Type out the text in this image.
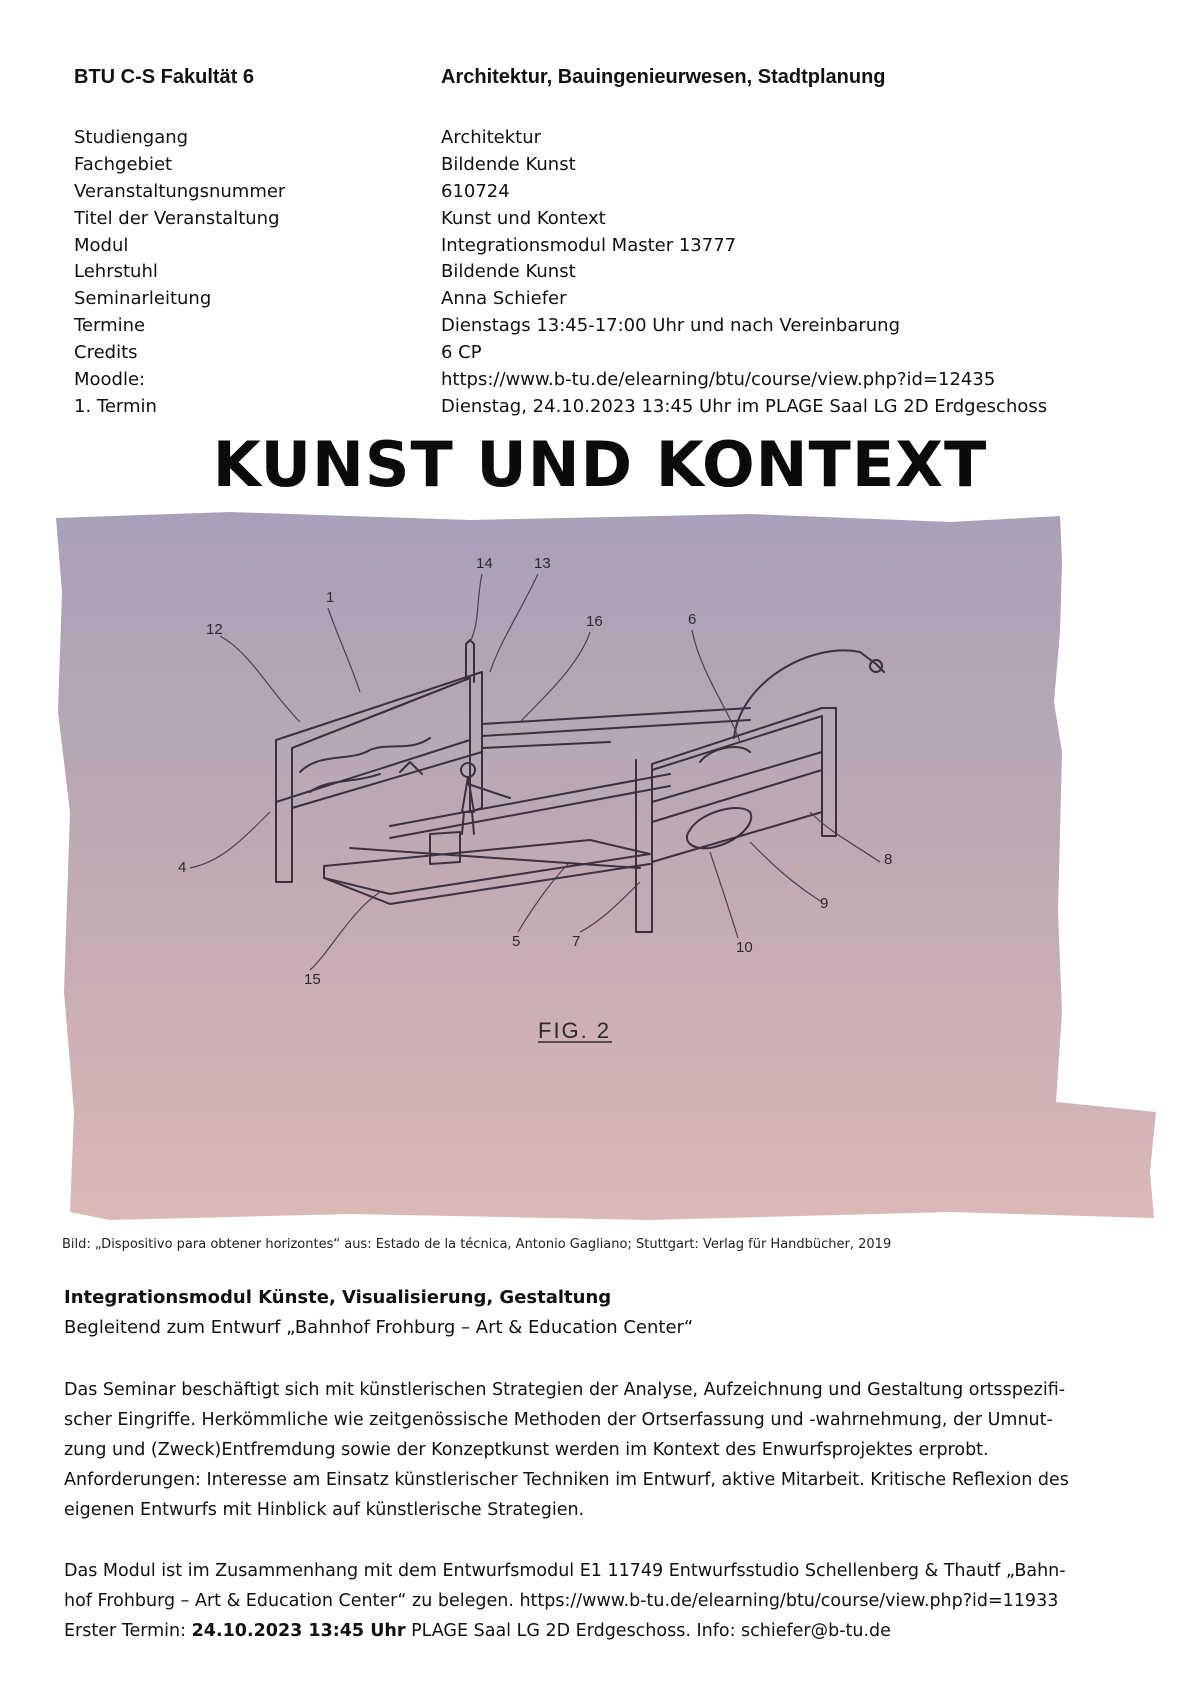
BTU C-S Fakultät 6	Architektur, Bauingenieurwesen, Stadtplanung
Studiengang	Architektur
Fachgebiet	Bildende Kunst
Veranstaltungsnummer	610724
Titel der Veranstaltung	Kunst und Kontext
Modul	Integrationsmodul Master 13777
Lehrstuhl	Bildende Kunst
Seminarleitung	Anna Schiefer
Termine	Dienstags 13:45-17:00 Uhr und nach Vereinbarung
Credits	6 CP
Moodle:	https://www.b-tu.de/elearning/btu/course/view.php?id=12435
1. Termin	Dienstag, 24.10.2023 13:45 Uhr im PLAGE Saal LG 2D Erdgeschoss
KUNST UND KONTEXT
14	13
1
12	16	6
4	8
9
5	7	10
15
FIG. 2
Bild: „Dispositivo para obtener horizontes“ aus: Estado de la técnica, Antonio Gagliano; Stuttgart: Verlag für Handbücher, 2019
Integrationsmodul Künste, Visualisierung, Gestaltung
Begleitend zum Entwurf „Bahnhof Frohburg – Art & Education Center“
Das Seminar beschäftigt sich mit künstlerischen Strategien der Analyse, Aufzeichnung und Gestaltung ortsspezifi-
scher Eingriffe. Herkömmliche wie zeitgenössische Methoden der Ortserfassung und -wahrnehmung, der Umnut-
zung und (Zweck)Entfremdung sowie der Konzeptkunst werden im Kontext des Enwurfsprojektes erprobt.
Anforderungen: Interesse am Einsatz künstlerischer Techniken im Entwurf, aktive Mitarbeit. Kritische Reflexion des
eigenen Entwurfs mit Hinblick auf künstlerische Strategien.
Das Modul ist im Zusammenhang mit dem Entwurfsmodul E1 11749 Entwurfsstudio Schellenberg & Thautf „Bahn-
hof Frohburg – Art & Education Center“ zu belegen. https://www.b-tu.de/elearning/btu/course/view.php?id=11933
Erster Termin: 24.10.2023 13:45 Uhr PLAGE Saal LG 2D Erdgeschoss. Info: schiefer@b-tu.de
